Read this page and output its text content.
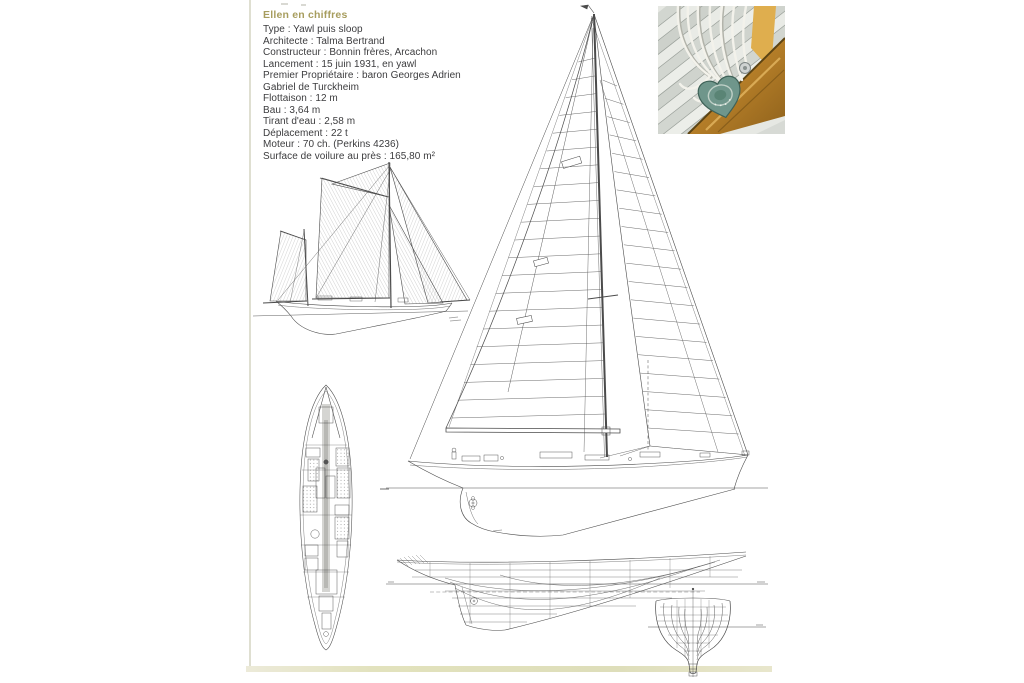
Ellen en chiffres
Type : Yawl puis sloop
Architecte : Talma Bertrand
Constructeur : Bonnin frères, Arcachon
Lancement : 15 juin 1931, en yawl
Premier Propriétaire : baron Georges Adrien
Gabriel de Turckheim
Flottaison : 12 m
Bau : 3,64 m
Tirant d'eau : 2,58 m
Déplacement : 22 t
Moteur : 70 ch. (Perkins 4236)
Surface de voilure au près : 165,80 m²
